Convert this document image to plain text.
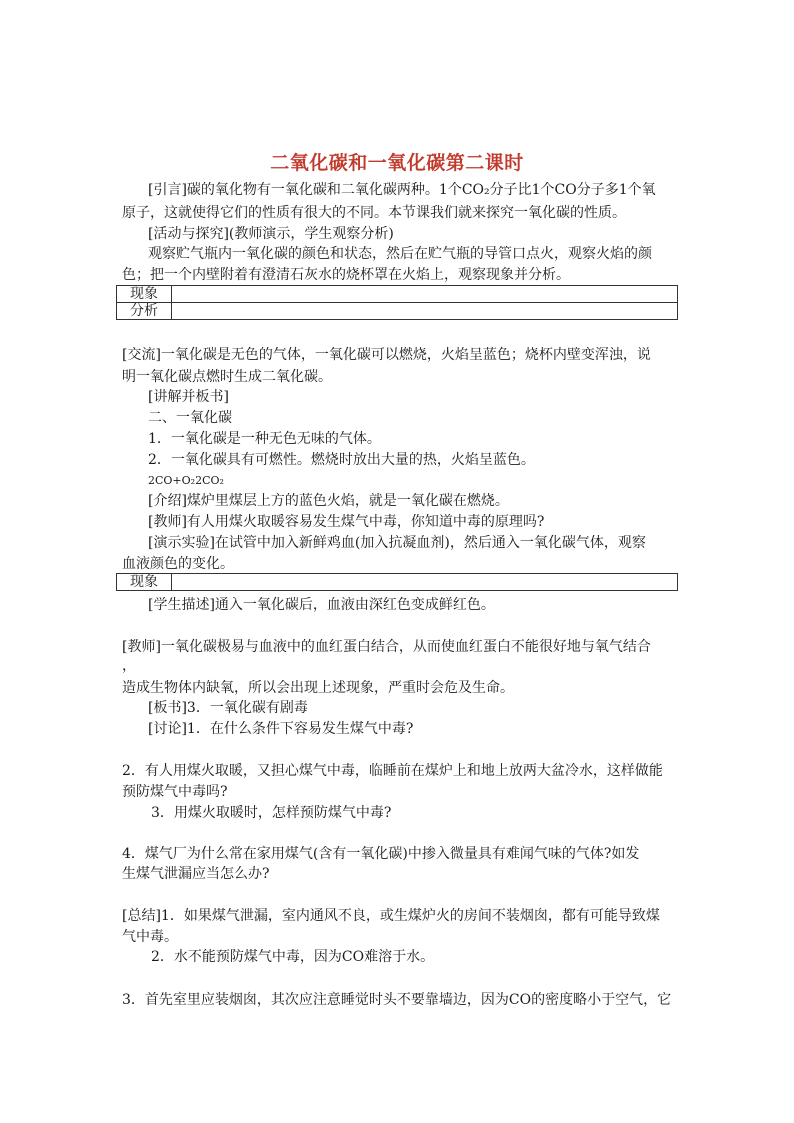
二氧化碳和一氧化碳第二课时
[引言]碳的氧化物有一氧化碳和二氧化碳两种。1个CO₂分子比1个CO分子多1个氧
原子，这就使得它们的性质有很大的不同。本节课我们就来探究一氧化碳的性质。
[活动与探究](教师演示，学生观察分析)
观察贮气瓶内一氧化碳的颜色和状态，然后在贮气瓶的导管口点火，观察火焰的颜
色；把一个内壁附着有澄清石灰水的烧杯罩在火焰上，观察现象并分析。
现象	
分析	
[交流]一氧化碳是无色的气体，一氧化碳可以燃烧，火焰呈蓝色；烧杯内壁变浑浊，说
明一氧化碳点燃时生成二氧化碳。
[讲解并板书]
二、一氧化碳
1．一氧化碳是一种无色无味的气体。
2．一氧化碳具有可燃性。燃烧时放出大量的热，火焰呈蓝色。
2CO+O₂2CO₂
[介绍]煤炉里煤层上方的蓝色火焰，就是一氧化碳在燃烧。
[教师]有人用煤火取暖容易发生煤气中毒，你知道中毒的原理吗?
[演示实验]在试管中加入新鲜鸡血(加入抗凝血剂)，然后通入一氧化碳气体，观察
血液颜色的变化。
现象	
[学生描述]通入一氧化碳后，血液由深红色变成鲜红色。
[教师]一氧化碳极易与血液中的血红蛋白结合，从而使血红蛋白不能很好地与氧气结合
，
造成生物体内缺氧，所以会出现上述现象，严重时会危及生命。
[板书]3．一氧化碳有剧毒
[讨论]1．在什么条件下容易发生煤气中毒?
2．有人用煤火取暖，又担心煤气中毒，临睡前在煤炉上和地上放两大盆冷水，这样做能
预防煤气中毒吗?
3．用煤火取暖时，怎样预防煤气中毒?
4．煤气厂为什么常在家用煤气(含有一氧化碳)中掺入微量具有难闻气味的气体?如发
生煤气泄漏应当怎么办?
[总结]1．如果煤气泄漏，室内通风不良，或生煤炉火的房间不装烟囱，都有可能导致煤
气中毒。
2．水不能预防煤气中毒，因为CO难溶于水。
3．首先室里应装烟囱，其次应注意睡觉时头不要靠墙边，因为CO的密度略小于空气，它
